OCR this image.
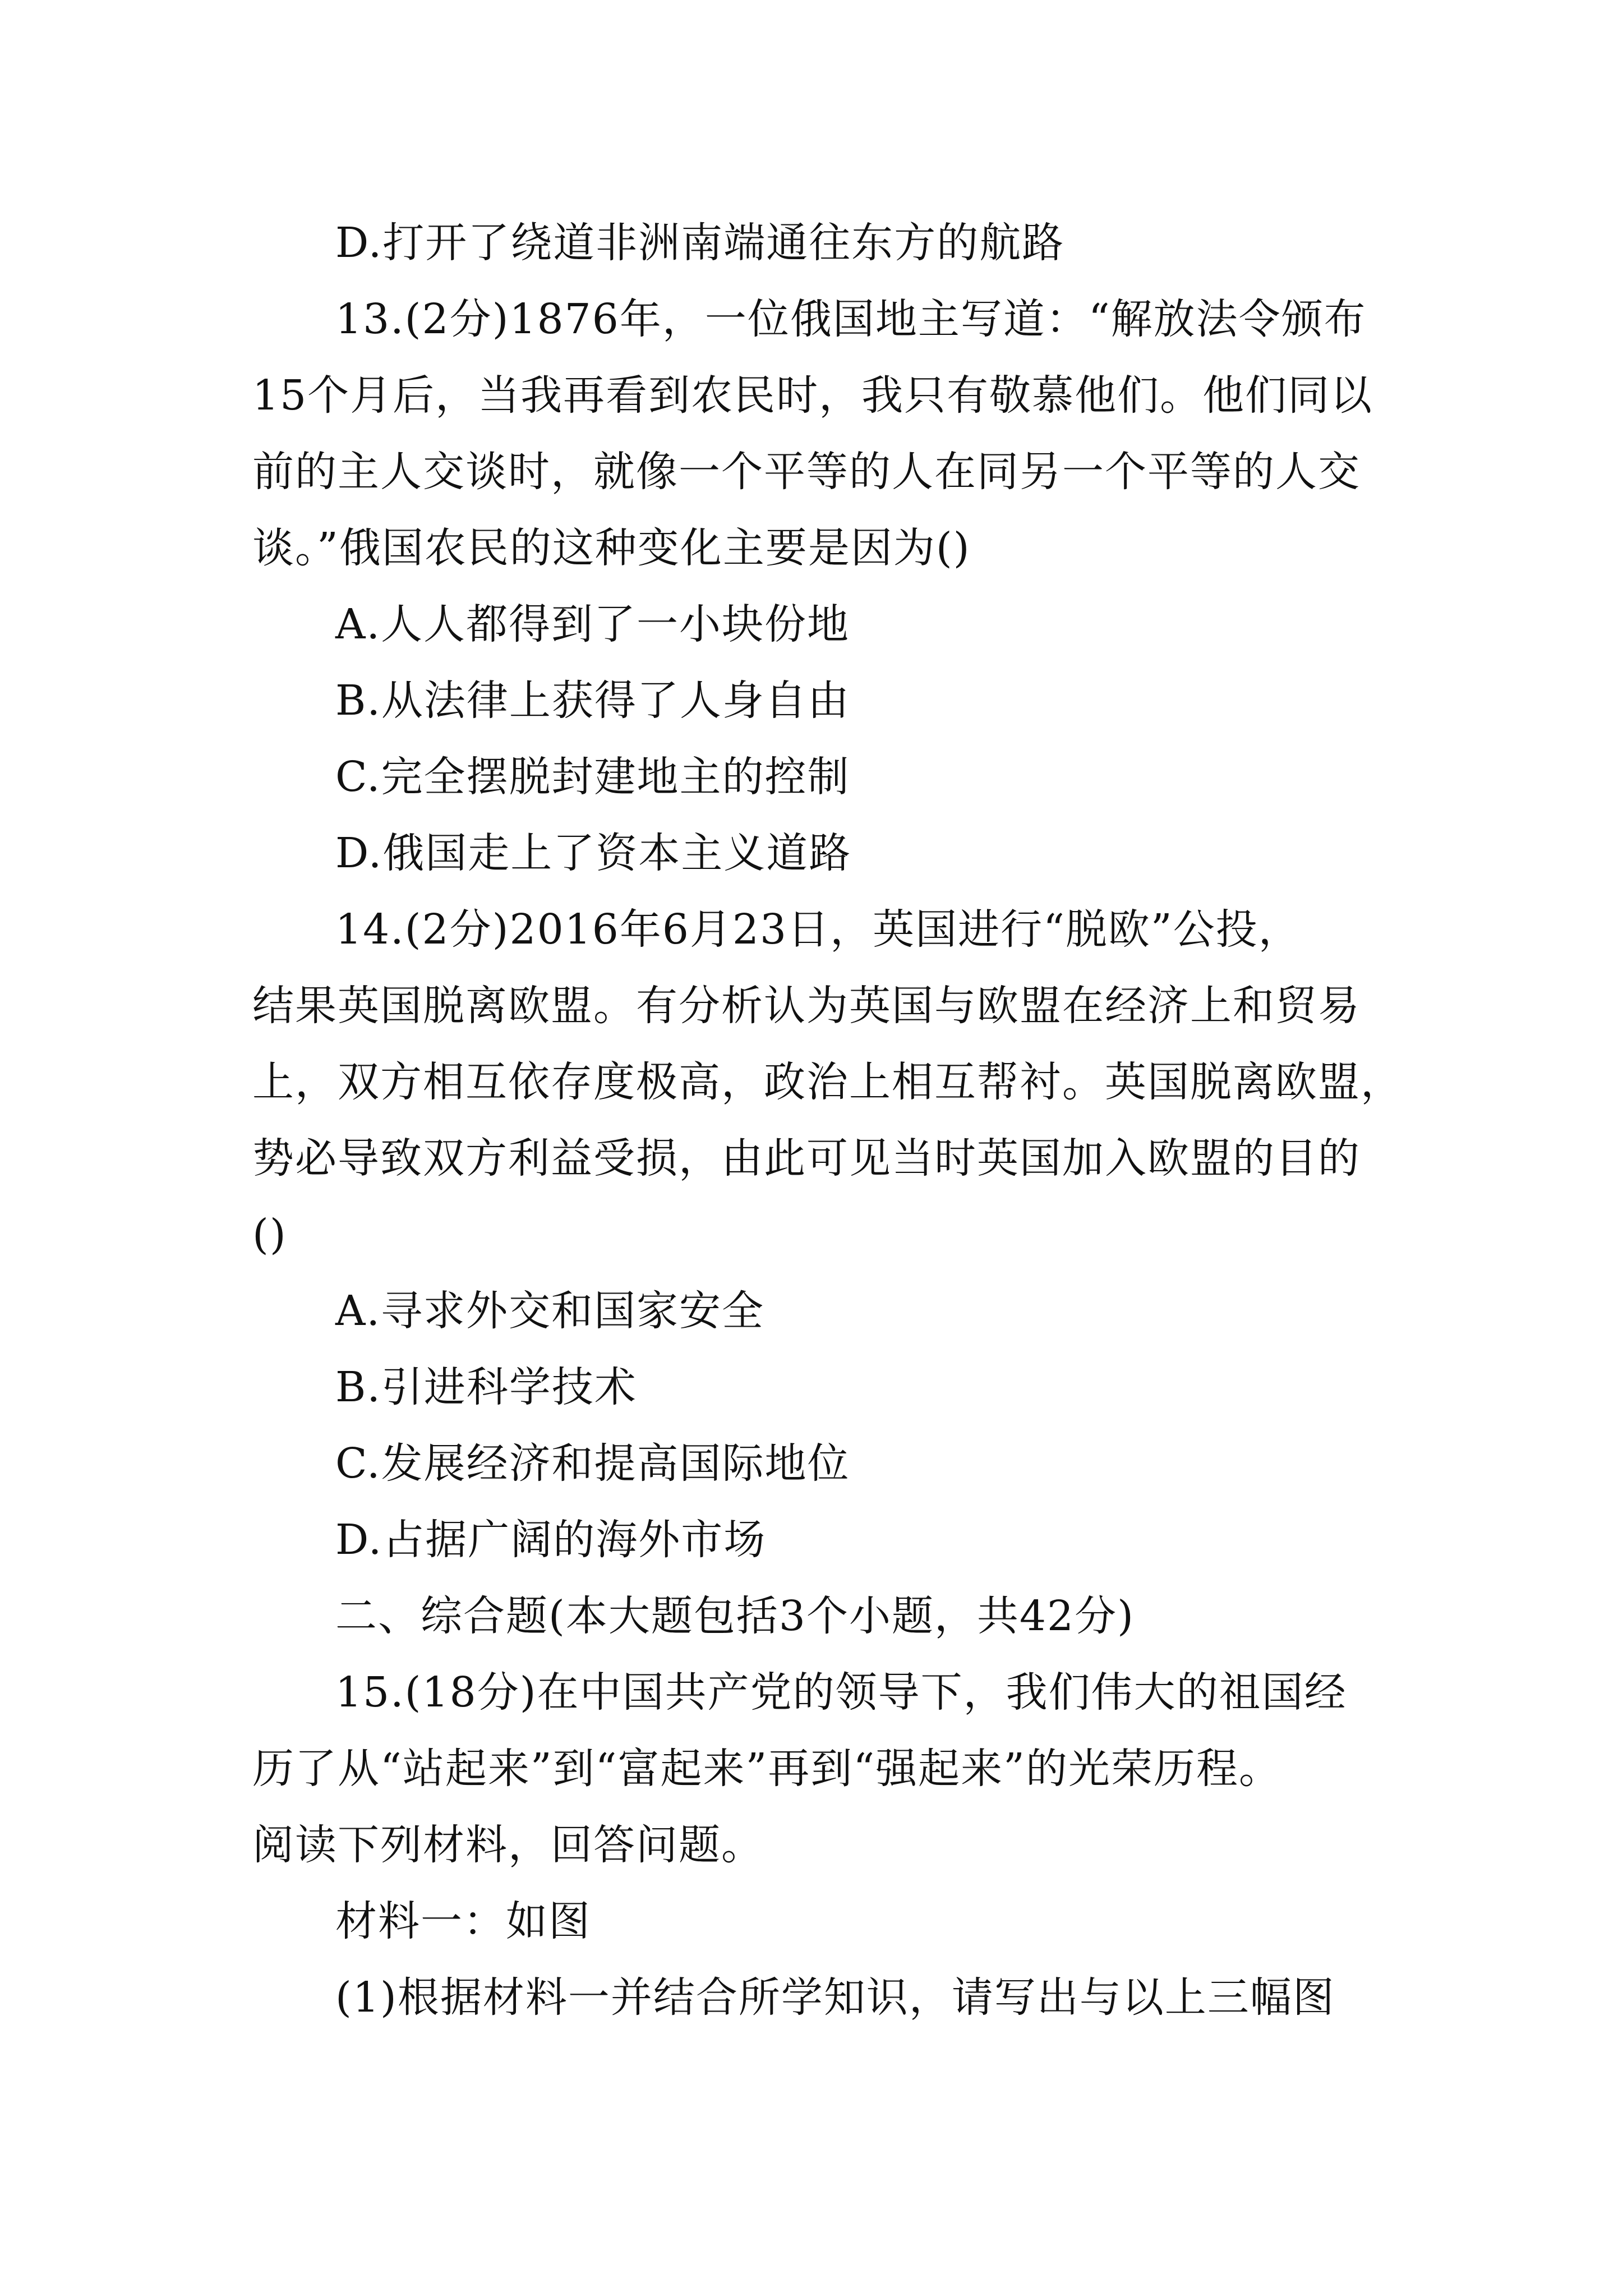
D.打开了绕道非洲南端通往东方的航路
13.(2分)1876年，一位俄国地主写道：“解放法令颁布
15个月后，当我再看到农民时，我只有敬慕他们。他们同以
前的主人交谈时，就像一个平等的人在同另一个平等的人交
谈。”俄国农民的这种变化主要是因为()
A.人人都得到了一小块份地
B.从法律上获得了人身自由
C.完全摆脱封建地主的控制
D.俄国走上了资本主义道路
14.(2分)2016年6月23日，英国进行“脱欧”公投，
结果英国脱离欧盟。有分析认为英国与欧盟在经济上和贸易
上，双方相互依存度极高，政治上相互帮衬。英国脱离欧盟，
势必导致双方利益受损，由此可见当时英国加入欧盟的目的
()
A.寻求外交和国家安全
B.引进科学技术
C.发展经济和提高国际地位
D.占据广阔的海外市场
二、综合题(本大题包括3个小题，共42分)
15.(18分)在中国共产党的领导下，我们伟大的祖国经
历了从“站起来”到“富起来”再到“强起来”的光荣历程。
阅读下列材料，回答问题。
材料一：如图
(1)根据材料一并结合所学知识，请写出与以上三幅图
